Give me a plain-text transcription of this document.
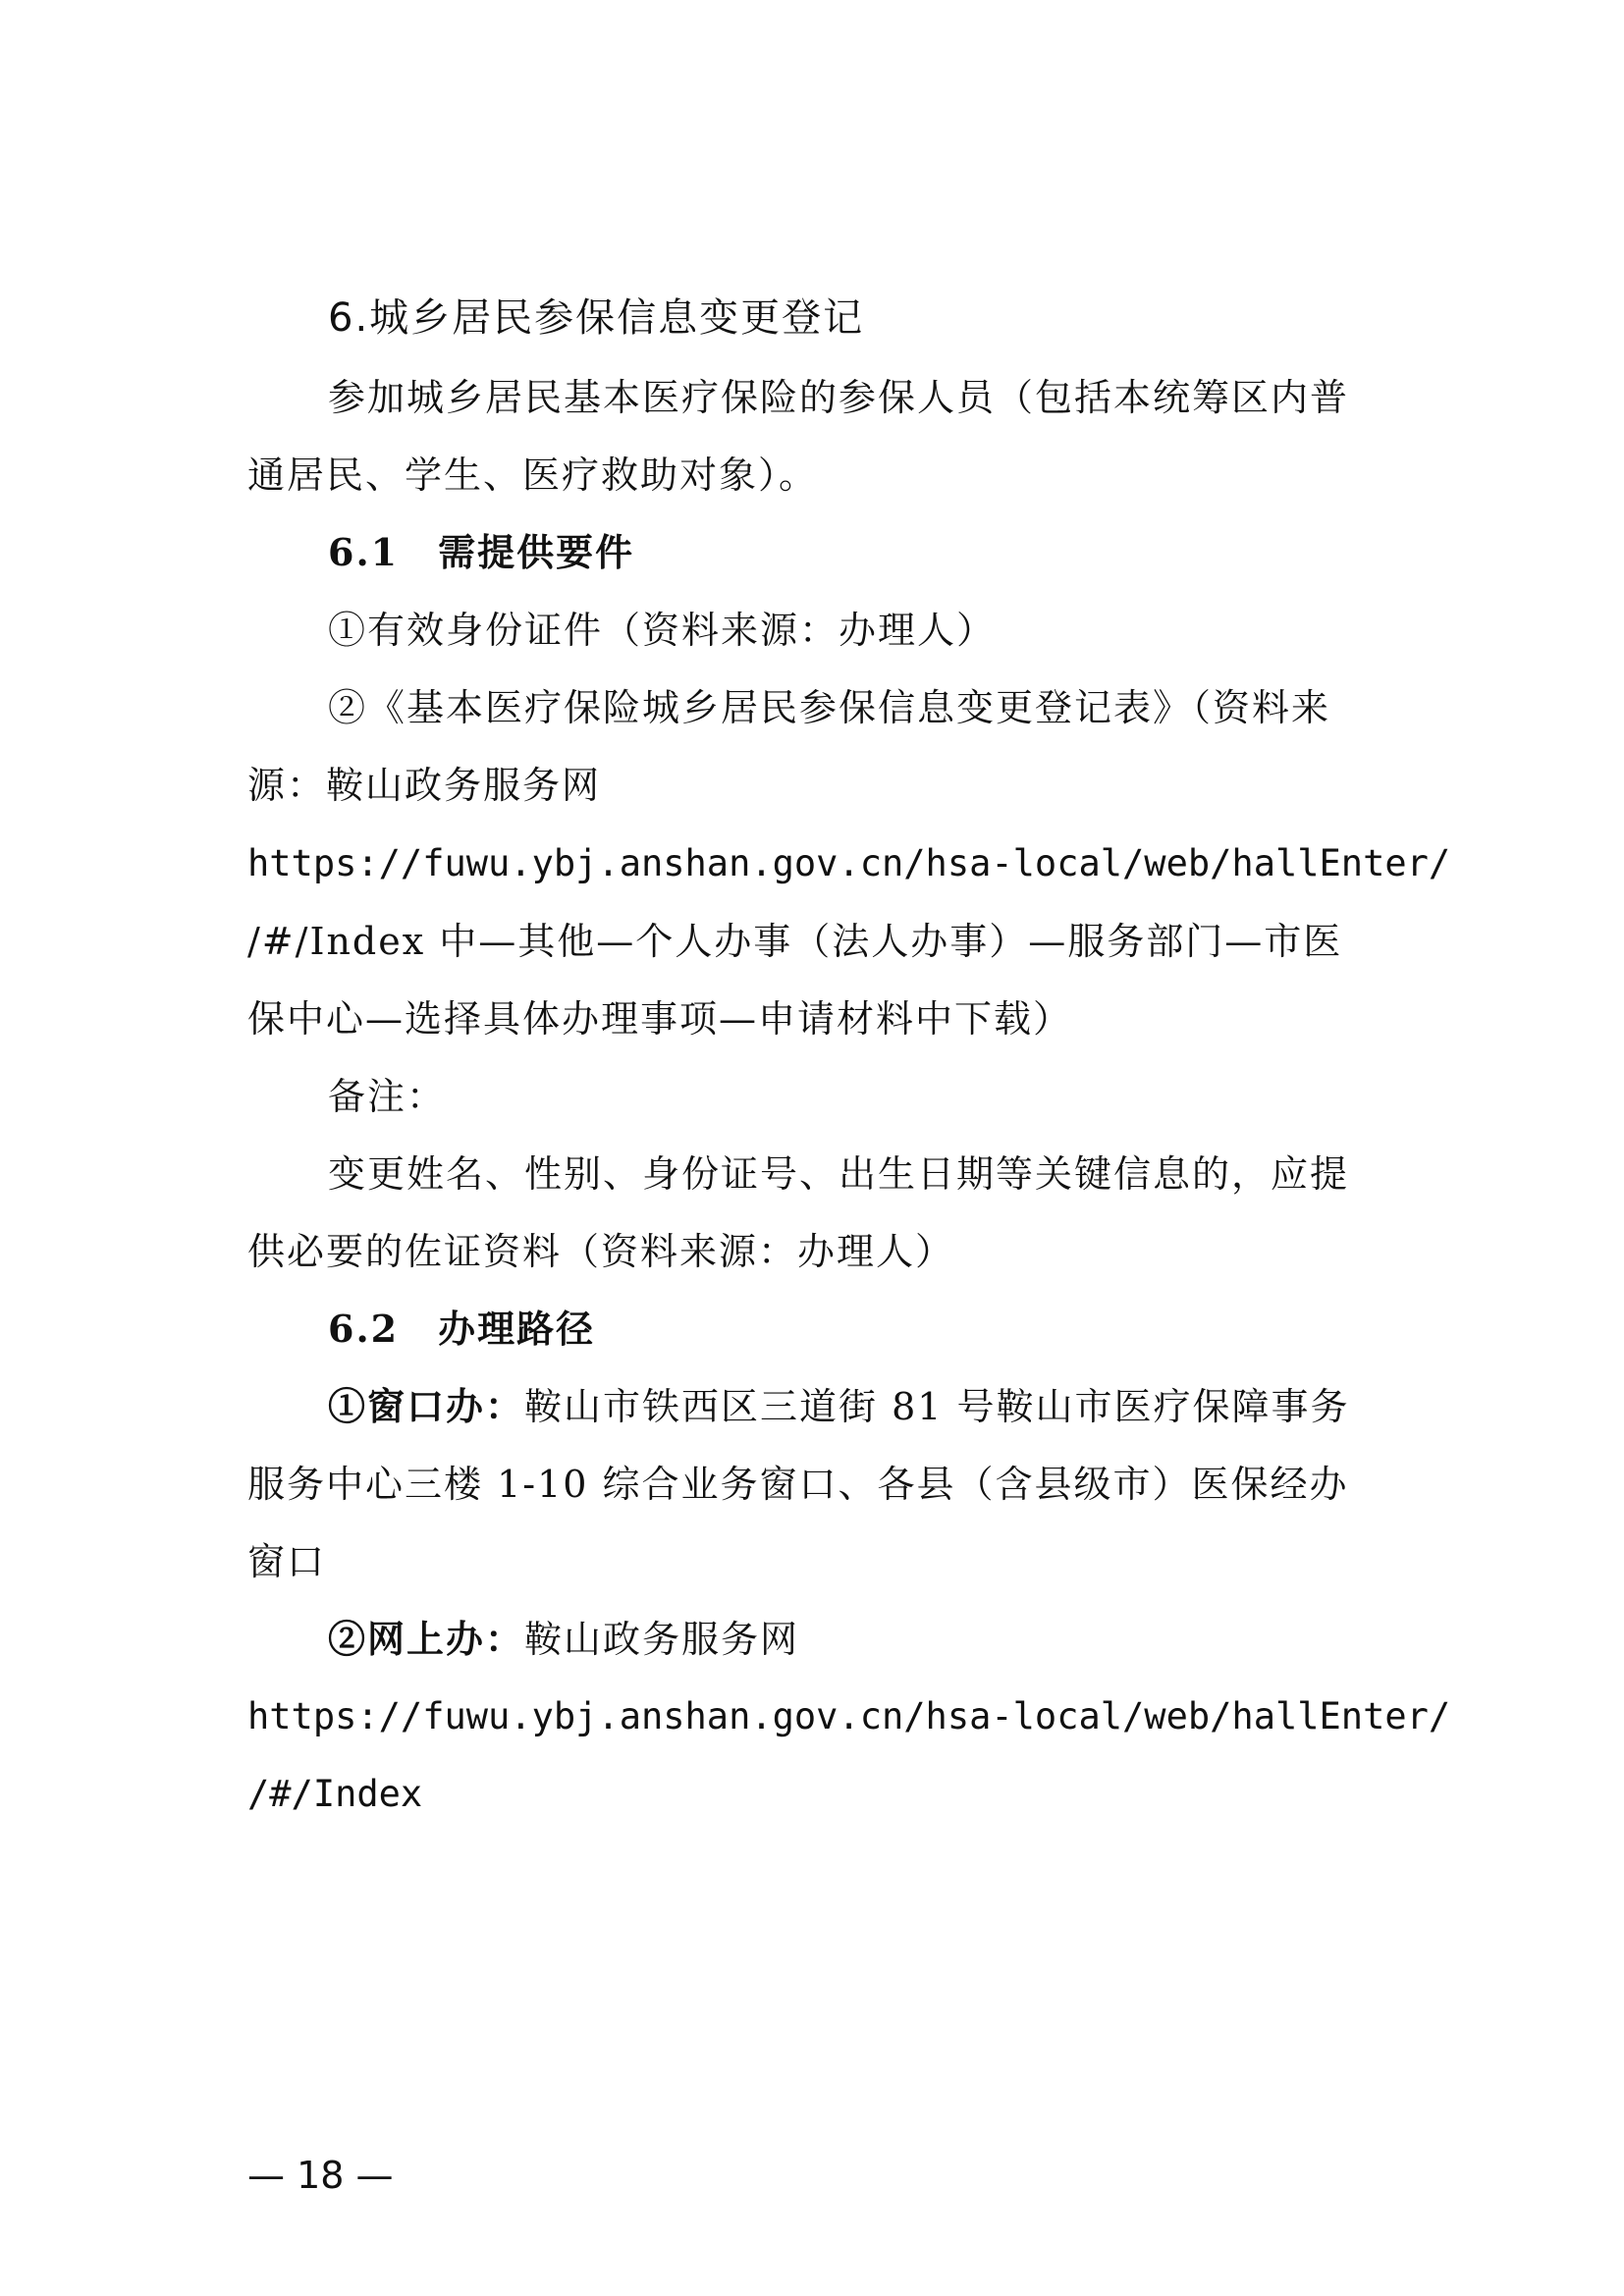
6.城乡居民参保信息变更登记
参加城乡居民基本医疗保险的参保人员（包括本统筹区内普
通居民、学生、医疗救助对象）。
6.1　需提供要件
①有效身份证件（资料来源：办理人）
②《基本医疗保险城乡居民参保信息变更登记表》（资料来
源：鞍山政务服务网
https://fuwu.ybj.anshan.gov.cn/hsa-local/web/hallEnter/
/#/Index 中—其他—个人办事（法人办事）—服务部门—市医
保中心—选择具体办理事项—申请材料中下载）
备注：
变更姓名、性别、身份证号、出生日期等关键信息的，应提
供必要的佐证资料（资料来源：办理人）
6.2　办理路径
①窗口办：鞍山市铁西区三道街 81 号鞍山市医疗保障事务
服务中心三楼 1-10 综合业务窗口、各县（含县级市）医保经办
窗口
②网上办：鞍山政务服务网
https://fuwu.ybj.anshan.gov.cn/hsa-local/web/hallEnter/
/#/Index
— 18 —
